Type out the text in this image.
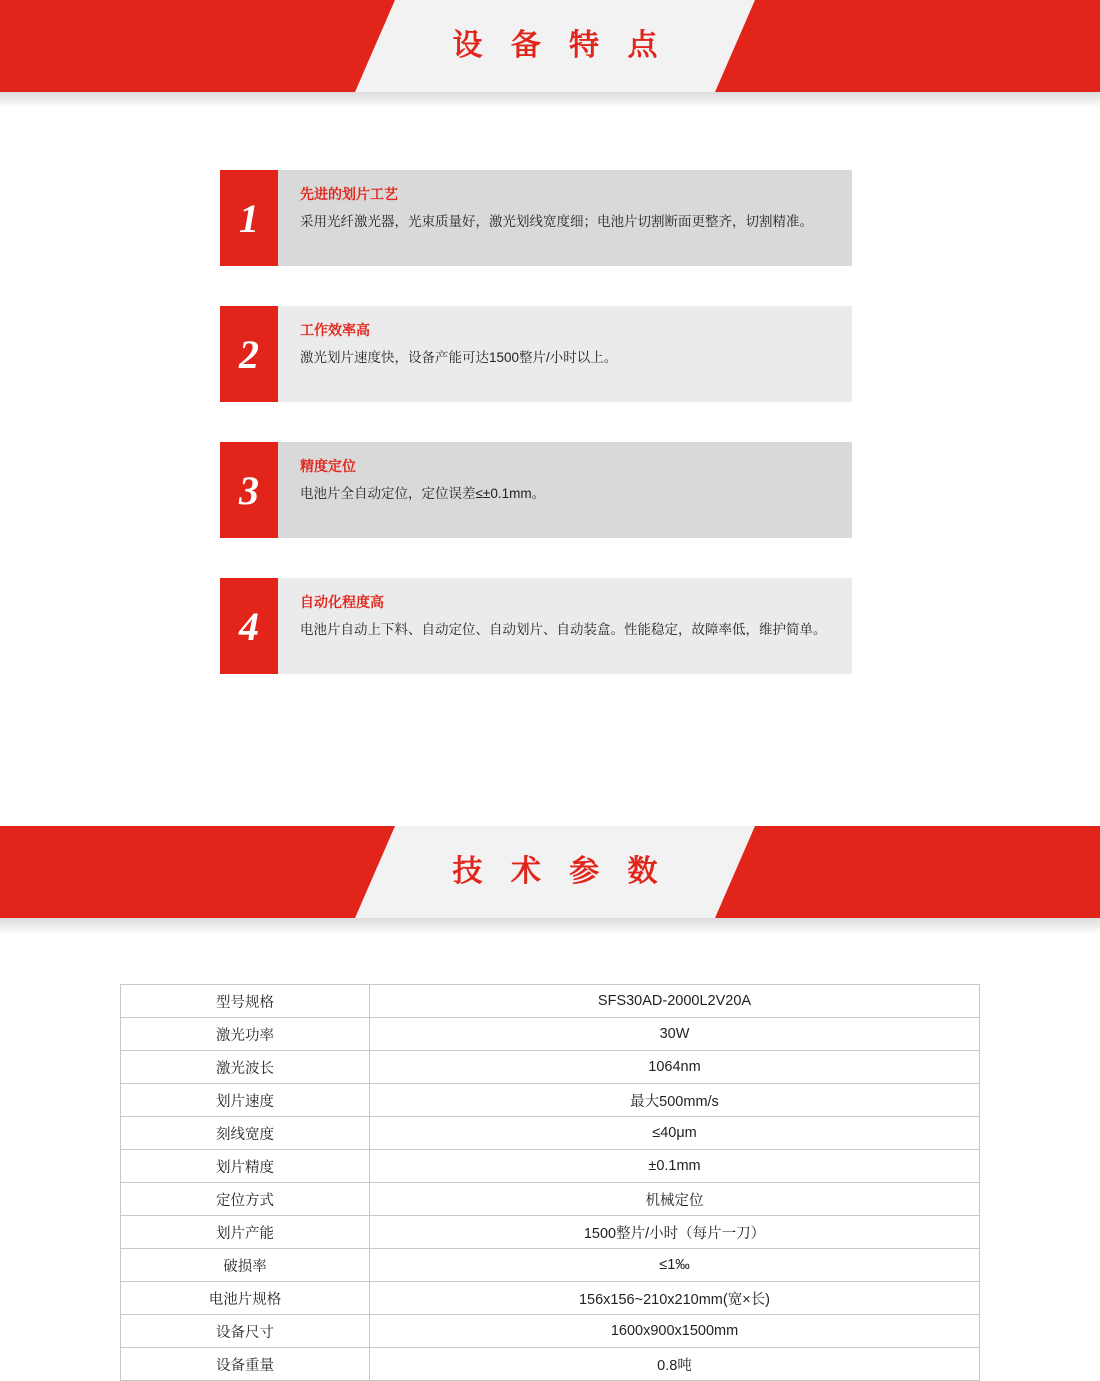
设 备 特 点
1
先进的划片工艺
采用光纤激光器，光束质量好，激光划线宽度细；电池片切割断面更整齐，切割精准。
2
工作效率高
激光划片速度快，设备产能可达1500整片/小时以上。
3
精度定位
电池片全自动定位，定位误差≤±0.1mm。
4
自动化程度高
电池片自动上下料、自动定位、自动划片、自动装盒。性能稳定，故障率低，维护简单。
技 术 参 数
型号规格	SFS30AD-2000L2V20A
激光功率	30W
激光波长	1064nm
划片速度	最大500mm/s
刻线宽度	≤40μm
划片精度	±0.1mm
定位方式	机械定位
划片产能	1500整片/小时（每片一刀）
破损率	≤1‰
电池片规格	156x156~210x210mm(宽×长)
设备尺寸	1600x900x1500mm
设备重量	0.8吨
